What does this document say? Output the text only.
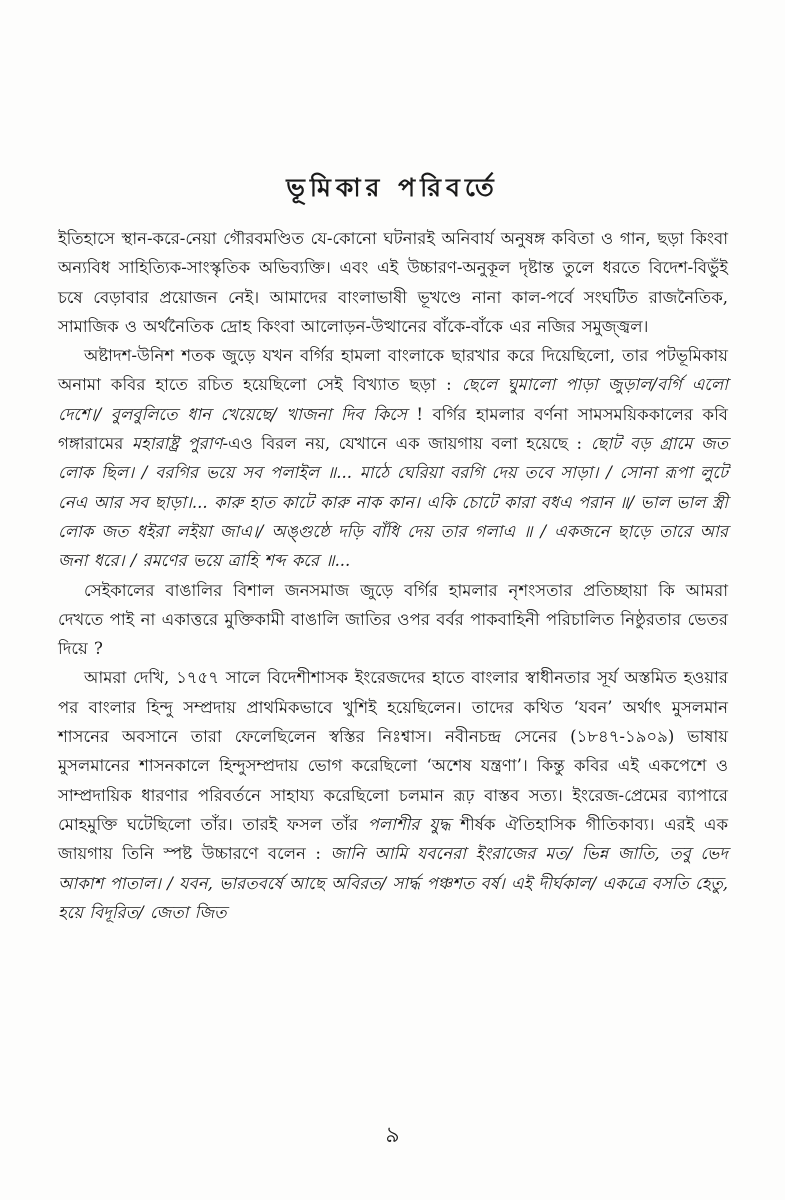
ভূমিকার পরিবর্তে

ইতিহাসে স্থান-করে-নেয়া গৌরবমণ্ডিত যে-কোনো ঘটনারই অনিবার্য অনুষঙ্গ কবিতা ও গান, ছড়া কিংবা অন্যবিধ সাহিত্যিক-সাংস্কৃতিক অভিব্যক্তি। এবং এই উচ্চারণ-অনুকূল দৃষ্টান্ত তুলে ধরতে বিদেশ-বিভুঁই চষে বেড়াবার প্রয়োজন নেই। আমাদের বাংলাভাষী ভূখণ্ডে নানা কাল-পর্বে সংঘটিত রাজনৈতিক, সামাজিক ও অর্থনৈতিক দ্রোহ কিংবা আলোড়ন-উত্থানের বাঁকে-বাঁকে এর নজির সমুজ্জ্বল।

অষ্টাদশ-উনিশ শতক জুড়ে যখন বর্গির হামলা বাংলাকে ছারখার করে দিয়েছিলো, তার পটভূমিকায় অনামা কবির হাতে রচিত হয়েছিলো সেই বিখ্যাত ছড়া : ছেলে ঘুমালো পাড়া জুড়াল/বর্গি এলো দেশে।/ বুলবুলিতে ধান খেয়েছে/ খাজনা দিব কিসে ! বর্গির হামলার বর্ণনা সামসময়িককালের কবি গঙ্গারামের মহারাষ্ট্র পুরাণ-এও বিরল নয়, যেখানে এক জায়গায় বলা হয়েছে : ছোট বড় গ্রামে জত লোক ছিল। / বরগির ভয়ে সব পলাইল ॥... মাঠে ঘেরিয়া বরগি দেয় তবে সাড়া। / সোনা রূপা লুটে নেএ আর সব ছাড়া।... কারু হাত কাটে কারু নাক কান। একি চোটে কারা বধএ পরান ॥/ ভাল ভাল স্ত্রী লোক জত ধইরা লইয়া জাএ।/ অঙ্গুষ্ঠে দড়ি বাঁধি দেয় তার গলাএ ॥ / একজনে ছাড়ে তারে আর জনা ধরে। / রমণের ভয়ে ত্রাহি শব্দ করে ॥...

সেইকালের বাঙালির বিশাল জনসমাজ জুড়ে বর্গির হামলার নৃশংসতার প্রতিচ্ছায়া কি আমরা দেখতে পাই না একাত্তরে মুক্তিকামী বাঙালি জাতির ওপর বর্বর পাকবাহিনী পরিচালিত নিষ্ঠুরতার ভেতর দিয়ে ?

আমরা দেখি, ১৭৫৭ সালে বিদেশীশাসক ইংরেজদের হাতে বাংলার স্বাধীনতার সূর্য অস্তমিত হওয়ার পর বাংলার হিন্দু সম্প্রদায় প্রাথমিকভাবে খুশিই হয়েছিলেন। তাদের কথিত ‘যবন’ অর্থাৎ মুসলমান শাসনের অবসানে তারা ফেলেছিলেন স্বস্তির নিঃশ্বাস। নবীনচন্দ্র সেনের (১৮৪৭-১৯০৯) ভাষায় মুসলমানের শাসনকালে হিন্দুসম্প্রদায় ভোগ করেছিলো ‘অশেষ যন্ত্রণা’। কিন্তু কবির এই একপেশে ও সাম্প্রদায়িক ধারণার পরিবর্তনে সাহায্য করেছিলো চলমান রূঢ় বাস্তব সত্য। ইংরেজ-প্রেমের ব্যাপারে মোহমুক্তি ঘটেছিলো তাঁর। তারই ফসল তাঁর পলাশীর যুদ্ধ শীর্ষক ঐতিহাসিক গীতিকাব্য। এরই এক জায়গায় তিনি স্পষ্ট উচ্চারণে বলেন : জানি আমি যবনেরা ইংরাজের মত/ ভিন্ন জাতি, তবু ভেদ আকাশ পাতাল। / যবন, ভারতবর্ষে আছে অবিরত/ সার্দ্ধ পঞ্চশত বর্ষ। এই দীর্ঘকাল/ একত্রে বসতি হেতু, হয়ে বিদূরিত/ জেতা জিত

৯
